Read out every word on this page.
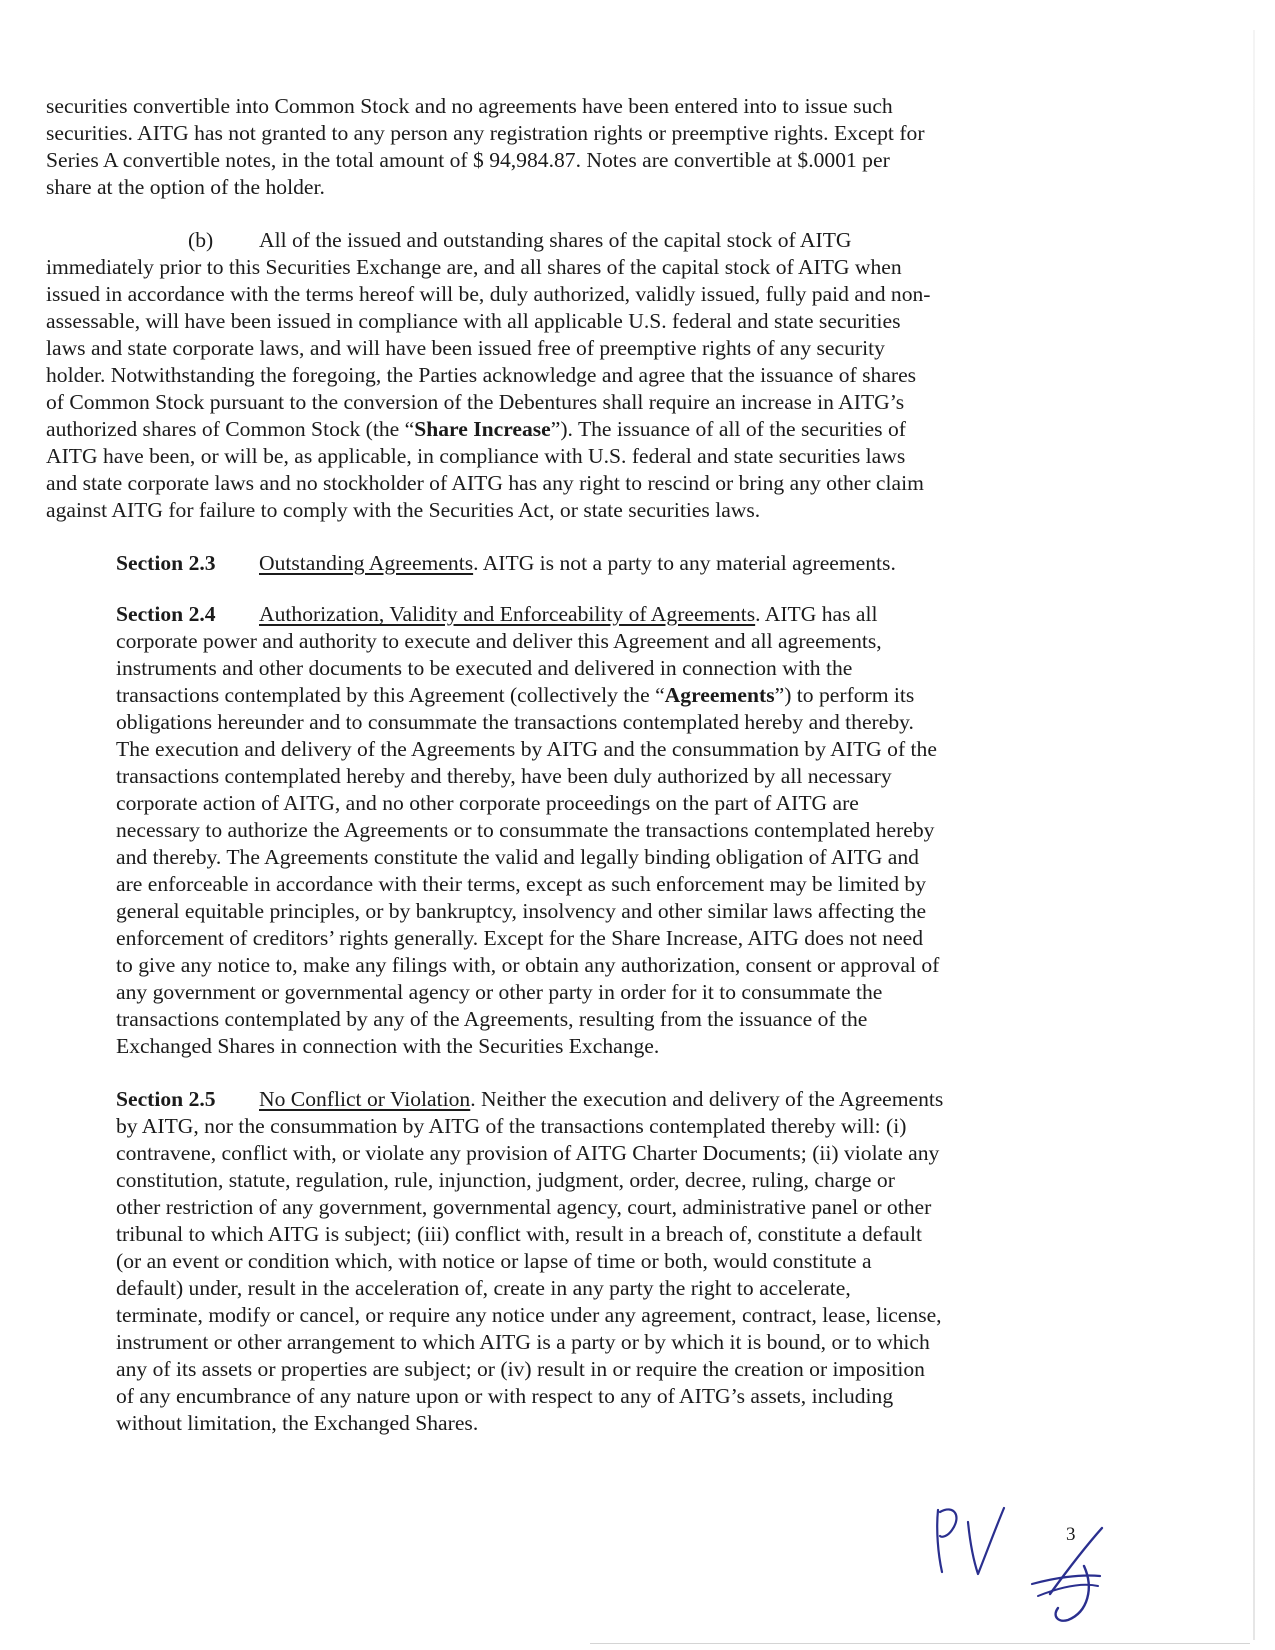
securities convertible into Common Stock and no agreements have been entered into to issue such
securities. AITG has not granted to any person any registration rights or preemptive rights. Except for
Series A convertible notes, in the total amount of $ 94,984.87. Notes are convertible at $.0001 per
share at the option of the holder.
(b) All of the issued and outstanding shares of the capital stock of AITG
immediately prior to this Securities Exchange are, and all shares of the capital stock of AITG when
issued in accordance with the terms hereof will be, duly authorized, validly issued, fully paid and non-
assessable, will have been issued in compliance with all applicable U.S. federal and state securities
laws and state corporate laws, and will have been issued free of preemptive rights of any security
holder. Notwithstanding the foregoing, the Parties acknowledge and agree that the issuance of shares
of Common Stock pursuant to the conversion of the Debentures shall require an increase in AITG’s
authorized shares of Common Stock (the “Share Increase”). The issuance of all of the securities of
AITG have been, or will be, as applicable, in compliance with U.S. federal and state securities laws
and state corporate laws and no stockholder of AITG has any right to rescind or bring any other claim
against AITG for failure to comply with the Securities Act, or state securities laws.
Section 2.3 Outstanding Agreements. AITG is not a party to any material agreements.
Section 2.4 Authorization, Validity and Enforceability of Agreements. AITG has all
corporate power and authority to execute and deliver this Agreement and all agreements,
instruments and other documents to be executed and delivered in connection with the
transactions contemplated by this Agreement (collectively the “Agreements”) to perform its
obligations hereunder and to consummate the transactions contemplated hereby and thereby.
The execution and delivery of the Agreements by AITG and the consummation by AITG of the
transactions contemplated hereby and thereby, have been duly authorized by all necessary
corporate action of AITG, and no other corporate proceedings on the part of AITG are
necessary to authorize the Agreements or to consummate the transactions contemplated hereby
and thereby. The Agreements constitute the valid and legally binding obligation of AITG and
are enforceable in accordance with their terms, except as such enforcement may be limited by
general equitable principles, or by bankruptcy, insolvency and other similar laws affecting the
enforcement of creditors’ rights generally. Except for the Share Increase, AITG does not need
to give any notice to, make any filings with, or obtain any authorization, consent or approval of
any government or governmental agency or other party in order for it to consummate the
transactions contemplated by any of the Agreements, resulting from the issuance of the
Exchanged Shares in connection with the Securities Exchange.
Section 2.5 No Conflict or Violation. Neither the execution and delivery of the Agreements
by AITG, nor the consummation by AITG of the transactions contemplated thereby will: (i)
contravene, conflict with, or violate any provision of AITG Charter Documents; (ii) violate any
constitution, statute, regulation, rule, injunction, judgment, order, decree, ruling, charge or
other restriction of any government, governmental agency, court, administrative panel or other
tribunal to which AITG is subject; (iii) conflict with, result in a breach of, constitute a default
(or an event or condition which, with notice or lapse of time or both, would constitute a
default) under, result in the acceleration of, create in any party the right to accelerate,
terminate, modify or cancel, or require any notice under any agreement, contract, lease, license,
instrument or other arrangement to which AITG is a party or by which it is bound, or to which
any of its assets or properties are subject; or (iv) result in or require the creation or imposition
of any encumbrance of any nature upon or with respect to any of AITG’s assets, including
without limitation, the Exchanged Shares.
3
